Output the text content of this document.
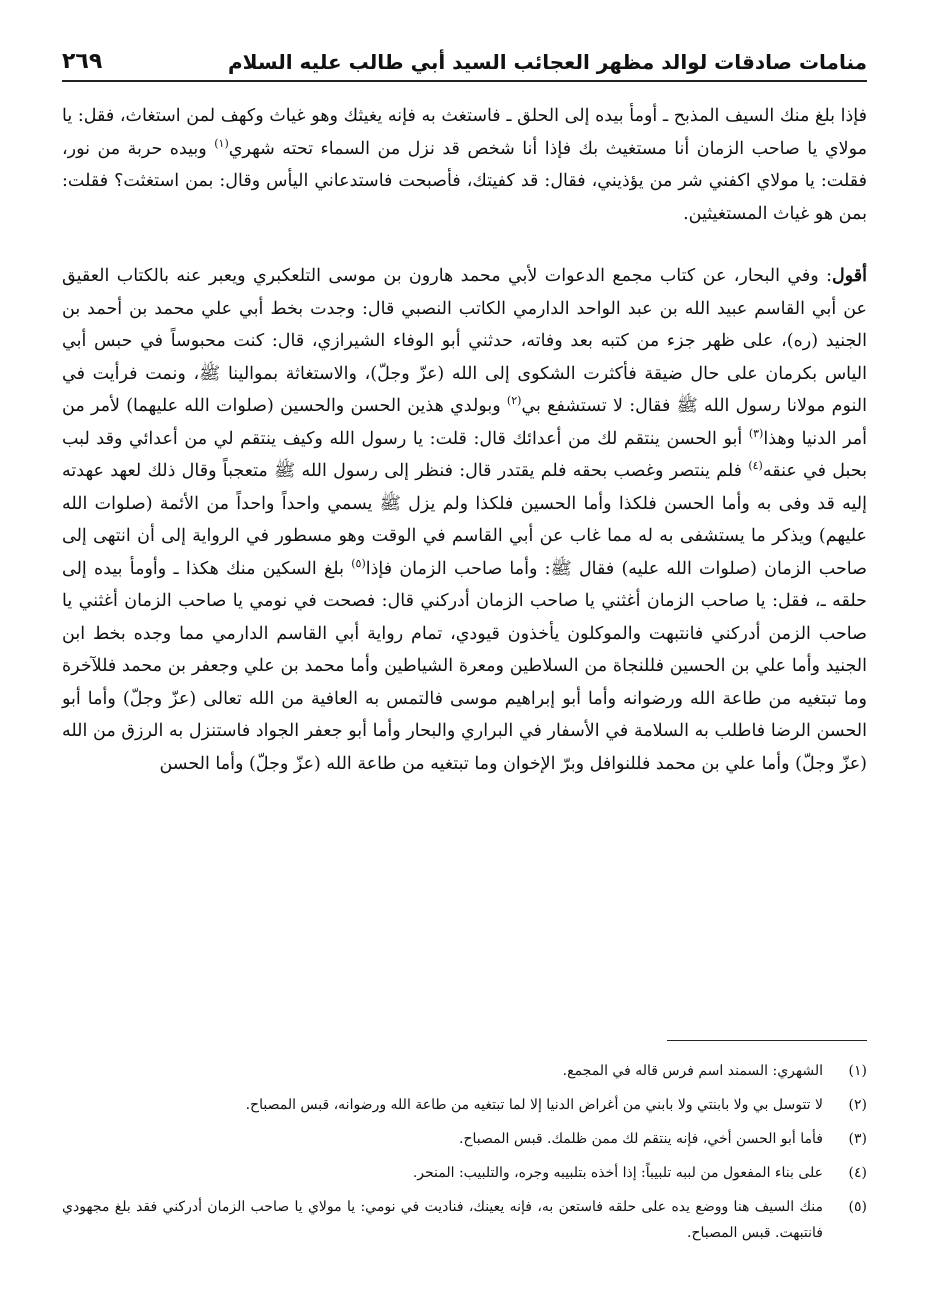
منامات صادقات لوالد مظهر العجائب السيد أبي طالب عليه السلام
٢٦٩

فإذا بلغ منك السيف المذبح ـ أومأ بيده إلى الحلق ـ فاستغث به فإنه يغيثك وهو غياث وكهف لمن استغاث، فقل: يا مولاي يا صاحب الزمان أنا مستغيث بك فإذا أنا شخص قد نزل من السماء تحته شهري$^{(١)}$ وبيده حربة من نور، فقلت: يا مولاي اكفني شر من يؤذيني، فقال: قد كفيتك، فأصبحت فاستدعاني اليأس وقال: بمن استغثت؟ فقلت: بمن هو غياث المستغيثين.

أقول: وفي البحار، عن كتاب مجمع الدعوات لأبي محمد هارون بن موسى التلعكبري ويعبر عنه بالكتاب العقيق عن أبي القاسم عبيد الله بن عبد الواحد الدارمي الكاتب النصبي قال: وجدت بخط أبي علي محمد بن أحمد بن الجنيد (ره)، على ظهر جزء من كتبه بعد وفاته، حدثني أبو الوفاء الشيرازي، قال: كنت محبوساً في حبس أبي الياس بكرمان على حال ضيقة فأكثرت الشكوى إلى الله (عزّ وجلّ)، والاستغاثة بموالينا ﷺ، ونمت فرأيت في النوم مولانا رسول الله ﷺ فقال: لا تستشفع بي$^{(٢)}$ وبولدي هذين الحسن والحسين (صلوات الله عليهما) لأمر من أمر الدنيا وهذا$^{(٣)}$ أبو الحسن ينتقم لك من أعدائك قال: قلت: يا رسول الله وكيف ينتقم لي من أعدائي وقد لبب بحبل في عنقه$^{(٤)}$ فلم ينتصر وغصب بحقه فلم يقتدر قال: فنظر إلى رسول الله ﷺ متعجباً وقال ذلك لعهد عهدته إليه قد وفى به وأما الحسن فلكذا وأما الحسين فلكذا ولم يزل ﷺ يسمي واحداً واحداً من الأئمة (صلوات الله عليهم) ويذكر ما يستشفى به له مما غاب عن أبي القاسم في الوقت وهو مسطور في الرواية إلى أن انتهى إلى صاحب الزمان (صلوات الله عليه) فقال ﷺ: وأما صاحب الزمان فإذا$^{(٥)}$ بلغ السكين منك هكذا ـ وأومأ بيده إلى حلقه ـ، فقل: يا صاحب الزمان أغثني يا صاحب الزمان أدركني قال: فصحت في نومي يا صاحب الزمان أغثني يا صاحب الزمن أدركني فانتبهت والموكلون يأخذون قيودي، تمام رواية أبي القاسم الدارمي مما وجده بخط ابن الجنيد وأما علي بن الحسين فللنجاة من السلاطين ومعرة الشياطين وأما محمد بن علي وجعفر بن محمد فللآخرة وما تبتغيه من طاعة الله ورضوانه وأما أبو إبراهيم موسى فالتمس به العافية من الله تعالى (عزّ وجلّ) وأما أبو الحسن الرضا فاطلب به السلامة في الأسفار في البراري والبحار وأما أبو جعفر الجواد فاستنزل به الرزق من الله (عزّ وجلّ) وأما علي بن محمد فللنوافل وبرّ الإخوان وما تبتغيه من طاعة الله (عزّ وجلّ) وأما الحسن

(١)
الشهري: السمند اسم فرس قاله في المجمع.
(٢)
لا تتوسل بي ولا بابنتي ولا بابني من أغراض الدنيا إلا لما تبتغيه من طاعة الله ورضوانه، قبس المصباح.
(٣)
فأما أبو الحسن أخي، فإنه ينتقم لك ممن ظلمك. قبس المصباح.
(٤)
على بناء المفعول من لببه تلبيباً: إذا أخذه بتلبيبه وجره، والتلبيب: المنحر.
(٥)
منك السيف هنا ووضع يده على حلقه فاستعن به، فإنه يعينك، فناديت في نومي: يا مولاي يا صاحب الزمان أدركني فقد بلغ مجهودي فانتبهت. قبس المصباح.
